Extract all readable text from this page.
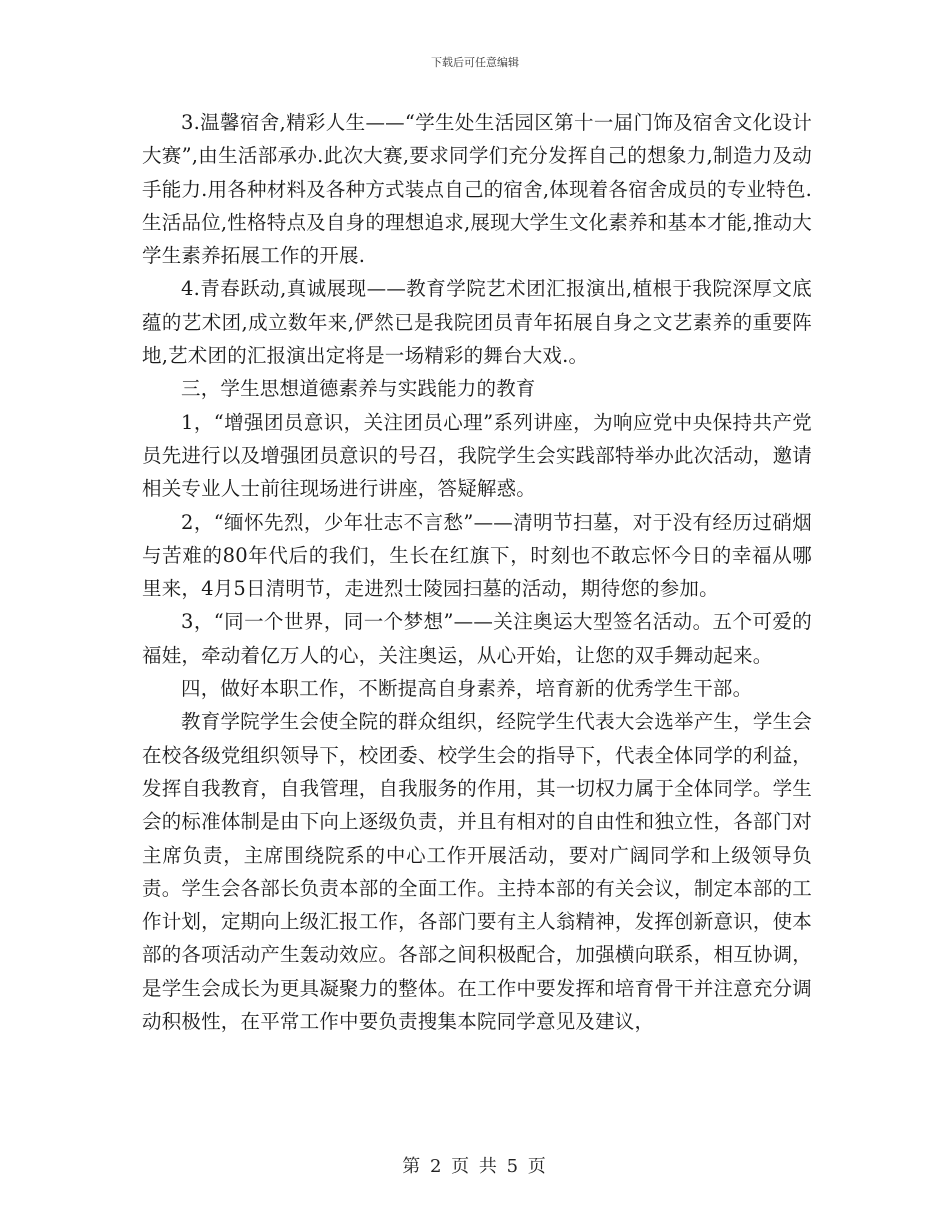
下载后可任意编辑

3.温馨宿舍,精彩人生——“学生处生活园区第十一届门饰及宿舍文化设计大赛”,由生活部承办.此次大赛,要求同学们充分发挥自己的想象力,制造力及动手能力.用各种材料及各种方式装点自己的宿舍,体现着各宿舍成员的专业特色.生活品位,性格特点及自身的理想追求,展现大学生文化素养和基本才能,推动大学生素养拓展工作的开展.

4.青春跃动,真诚展现——教育学院艺术团汇报演出,植根于我院深厚文底蕴的艺术团,成立数年来,俨然已是我院团员青年拓展自身之文艺素养的重要阵地,艺术团的汇报演出定将是一场精彩的舞台大戏.。

三，学生思想道德素养与实践能力的教育

1，“增强团员意识，关注团员心理”系列讲座，为响应党中央保持共产党员先进行以及增强团员意识的号召，我院学生会实践部特举办此次活动，邀请相关专业人士前往现场进行讲座，答疑解惑。

2，“缅怀先烈，少年壮志不言愁”——清明节扫墓，对于没有经历过硝烟与苦难的80年代后的我们，生长在红旗下，时刻也不敢忘怀今日的幸福从哪里来，4月5日清明节，走进烈士陵园扫墓的活动，期待您的参加。

3，“同一个世界，同一个梦想”——关注奥运大型签名活动。五个可爱的福娃，牵动着亿万人的心，关注奥运，从心开始，让您的双手舞动起来。

四，做好本职工作，不断提高自身素养，培育新的优秀学生干部。

教育学院学生会使全院的群众组织，经院学生代表大会选举产生，学生会在校各级党组织领导下，校团委、校学生会的指导下，代表全体同学的利益，发挥自我教育，自我管理，自我服务的作用，其一切权力属于全体同学。学生会的标准体制是由下向上逐级负责，并且有相对的自由性和独立性，各部门对主席负责，主席围绕院系的中心工作开展活动，要对广阔同学和上级领导负责。学生会各部长负责本部的全面工作。主持本部的有关会议，制定本部的工作计划，定期向上级汇报工作，各部门要有主人翁精神，发挥创新意识，使本部的各项活动产生轰动效应。各部之间积极配合，加强横向联系，相互协调，是学生会成长为更具凝聚力的整体。在工作中要发挥和培育骨干并注意充分调动积极性，在平常工作中要负责搜集本院同学意见及建议，

第 2 页 共 5 页
